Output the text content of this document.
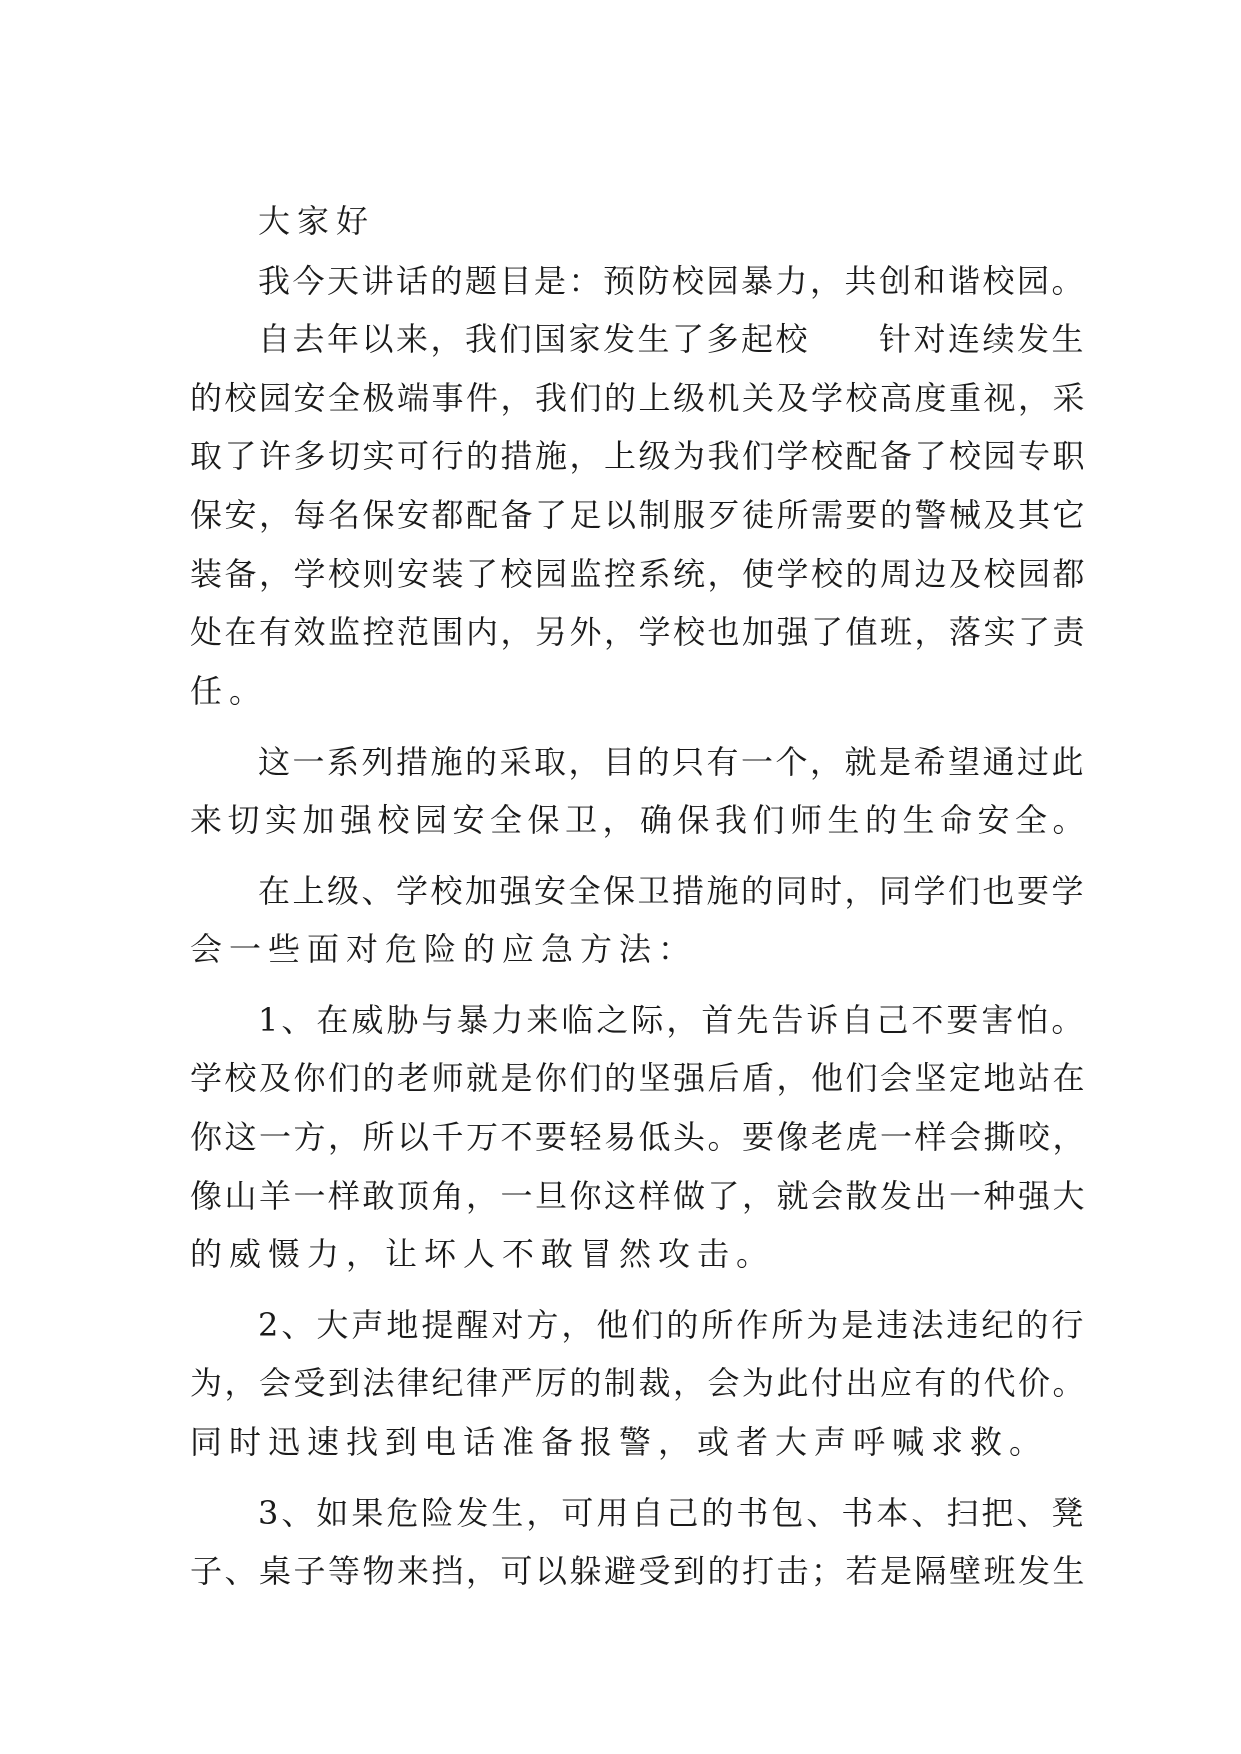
大家好
我今天讲话的题目是：预防校园暴力，共创和谐校园。
自去年以来，我们国家发生了多起校　　针对连续发生
的校园安全极端事件，我们的上级机关及学校高度重视，采
取了许多切实可行的措施，上级为我们学校配备了校园专职
保安，每名保安都配备了足以制服歹徒所需要的警械及其它
装备，学校则安装了校园监控系统，使学校的周边及校园都
处在有效监控范围内，另外，学校也加强了值班，落实了责
任。
这一系列措施的采取，目的只有一个，就是希望通过此
来切实加强校园安全保卫，确保我们师生的生命安全。
在上级、学校加强安全保卫措施的同时，同学们也要学
会一些面对危险的应急方法：
1、在威胁与暴力来临之际，首先告诉自己不要害怕。
学校及你们的老师就是你们的坚强后盾，他们会坚定地站在
你这一方，所以千万不要轻易低头。要像老虎一样会撕咬，
像山羊一样敢顶角，一旦你这样做了，就会散发出一种强大
的威慑力，让坏人不敢冒然攻击。
2、大声地提醒对方，他们的所作所为是违法违纪的行
为，会受到法律纪律严厉的制裁，会为此付出应有的代价。
同时迅速找到电话准备报警，或者大声呼喊求救。
3、如果危险发生，可用自己的书包、书本、扫把、凳
子、桌子等物来挡，可以躲避受到的打击；若是隔壁班发生
